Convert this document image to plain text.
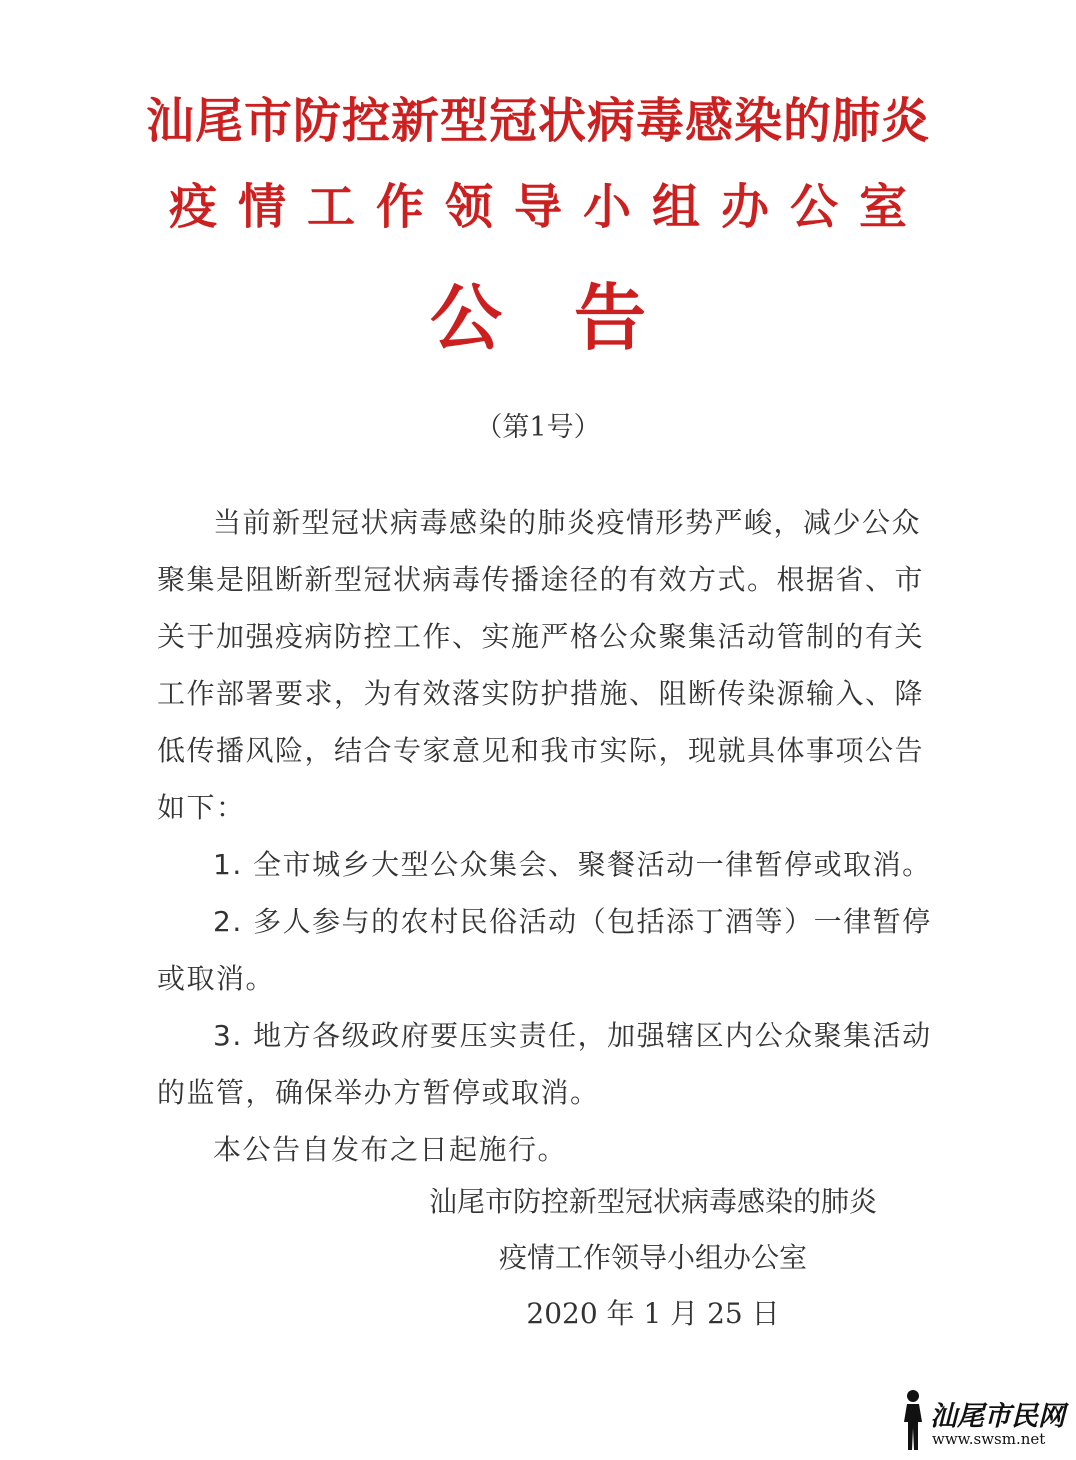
汕尾市防控新型冠状病毒感染的肺炎
疫情工作领导小组办公室
公告
（第1号）

当前新型冠状病毒感染的肺炎疫情形势严峻，减少公众聚集是阻断新型冠状病毒传播途径的有效方式。根据省、市关于加强疫病防控工作、实施严格公众聚集活动管制的有关工作部署要求，为有效落实防护措施、阻断传染源输入、降低传播风险，结合专家意见和我市实际，现就具体事项公告如下：

1. 全市城乡大型公众集会、聚餐活动一律暂停或取消。

2. 多人参与的农村民俗活动（包括添丁酒等）一律暂停或取消。

3. 地方各级政府要压实责任，加强辖区内公众聚集活动的监管，确保举办方暂停或取消。

本公告自发布之日起施行。

汕尾市防控新型冠状病毒感染的肺炎
疫情工作领导小组办公室
2020 年 1 月 25 日
汕尾市民网
www.swsm.net
